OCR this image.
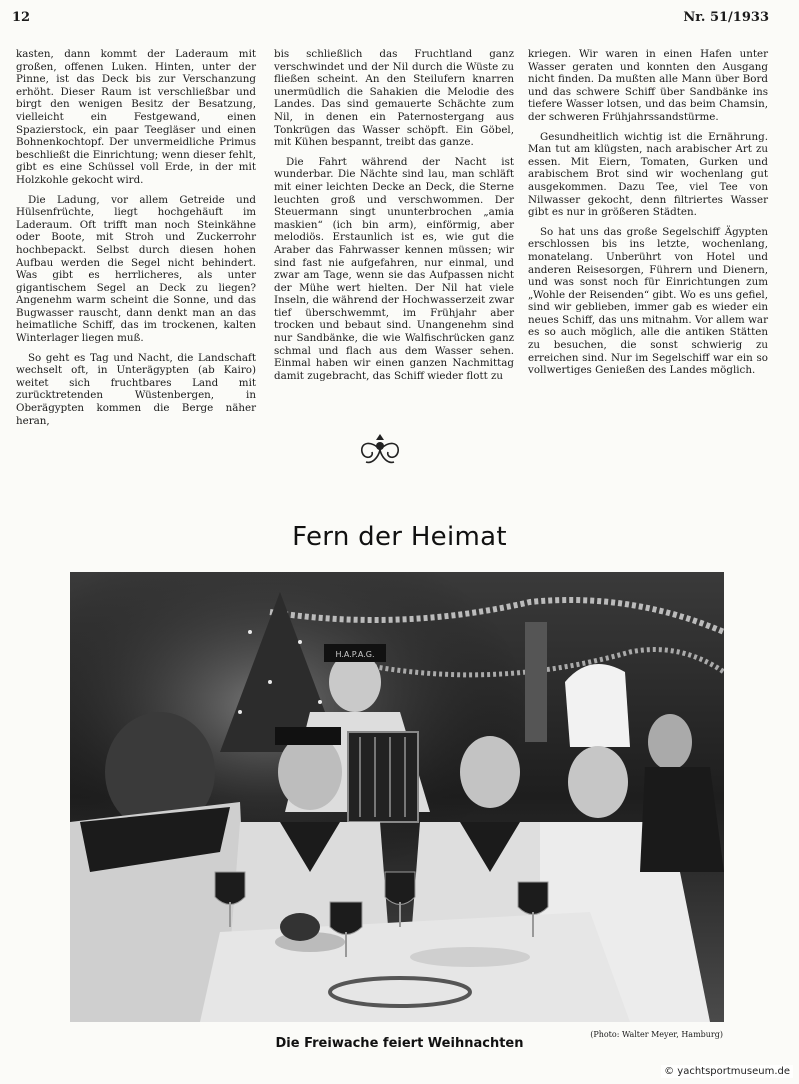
12	Nr. 51/1933

kasten, dann kommt der Laderaum mit großen, offenen Luken. Hinten, unter der Pinne, ist das Deck bis zur Verschanzung erhöht. Dieser Raum ist verschließbar und birgt den wenigen Besitz der Besatzung, vielleicht ein Festgewand, einen Spazierstock, ein paar Teegläser und einen Bohnenkochtopf. Der unvermeidliche Primus beschließt die Einrichtung; wenn dieser fehlt, gibt es eine Schüssel voll Erde, in der mit Holzkohle gekocht wird.

Die Ladung, vor allem Getreide und Hülsenfrüchte, liegt hochgehäuft im Laderaum. Oft trifft man noch Steinkähne oder Boote, mit Stroh und Zuckerrohr hochbepackt. Selbst durch diesen hohen Aufbau werden die Segel nicht behindert. Was gibt es herrlicheres, als unter gigantischem Segel an Deck zu liegen? Angenehm warm scheint die Sonne, und das Bugwasser rauscht, dann denkt man an das heimatliche Schiff, das im trockenen, kalten Winterlager liegen muß.

So geht es Tag und Nacht, die Landschaft wechselt oft, in Unterägypten (ab Kairo) weitet sich fruchtbares Land mit zurücktretenden Wüstenbergen, in Oberägypten kommen die Berge näher heran,

bis schließlich das Fruchtland ganz verschwindet und der Nil durch die Wüste zu fließen scheint. An den Steilufern knarren unermüdlich die Sahakien die Melodie des Landes. Das sind gemauerte Schächte zum Nil, in denen ein Paternostergang aus Tonkrügen das Wasser schöpft. Ein Göbel, mit Kühen bespannt, treibt das ganze.

Die Fahrt während der Nacht ist wunderbar. Die Nächte sind lau, man schläft mit einer leichten Decke an Deck, die Sterne leuchten groß und verschwommen. Der Steuermann singt ununterbrochen „amia maskien“ (ich bin arm), einförmig, aber melodiös. Erstaunlich ist es, wie gut die Araber das Fahrwasser kennen müssen; wir sind fast nie aufgefahren, nur einmal, und zwar am Tage, wenn sie das Aufpassen nicht der Mühe wert hielten. Der Nil hat viele Inseln, die während der Hochwasserzeit zwar tief überschwemmt, im Frühjahr aber trocken und bebaut sind. Unangenehm sind nur Sandbänke, die wie Walfischrücken ganz schmal und flach aus dem Wasser sehen. Einmal haben wir einen ganzen Nachmittag damit zugebracht, das Schiff wieder flott zu

kriegen. Wir waren in einen Hafen unter Wasser geraten und konnten den Ausgang nicht finden. Da mußten alle Mann über Bord und das schwere Schiff über Sandbänke ins tiefere Wasser lotsen, und das beim Chamsin, der schweren Frühjahrssandstürme.

Gesundheitlich wichtig ist die Ernährung. Man tut am klügsten, nach arabischer Art zu essen. Mit Eiern, Tomaten, Gurken und arabischem Brot sind wir wochenlang gut ausgekommen. Dazu Tee, viel Tee von Nilwasser gekocht, denn filtriertes Wasser gibt es nur in größeren Städten.

So hat uns das große Segelschiff Ägypten erschlossen bis ins letzte, wochenlang, monatelang. Unberührt von Hotel und anderen Reisesorgen, Führern und Dienern, und was sonst noch für Einrichtungen zum „Wohle der Reisenden“ gibt. Wo es uns gefiel, sind wir geblieben, immer gab es wieder ein neues Schiff, das uns mitnahm. Vor allem war es so auch möglich, alle die antiken Stätten zu besuchen, die sonst schwierig zu erreichen sind. Nur im Segelschiff war ein so vollwertiges Genießen des Landes möglich.

Fern der Heimat
H.A.P.A.G.
(Photo: Walter Meyer, Hamburg)
Die Freiwache feiert Weihnachten
© yachtsportmuseum.de
